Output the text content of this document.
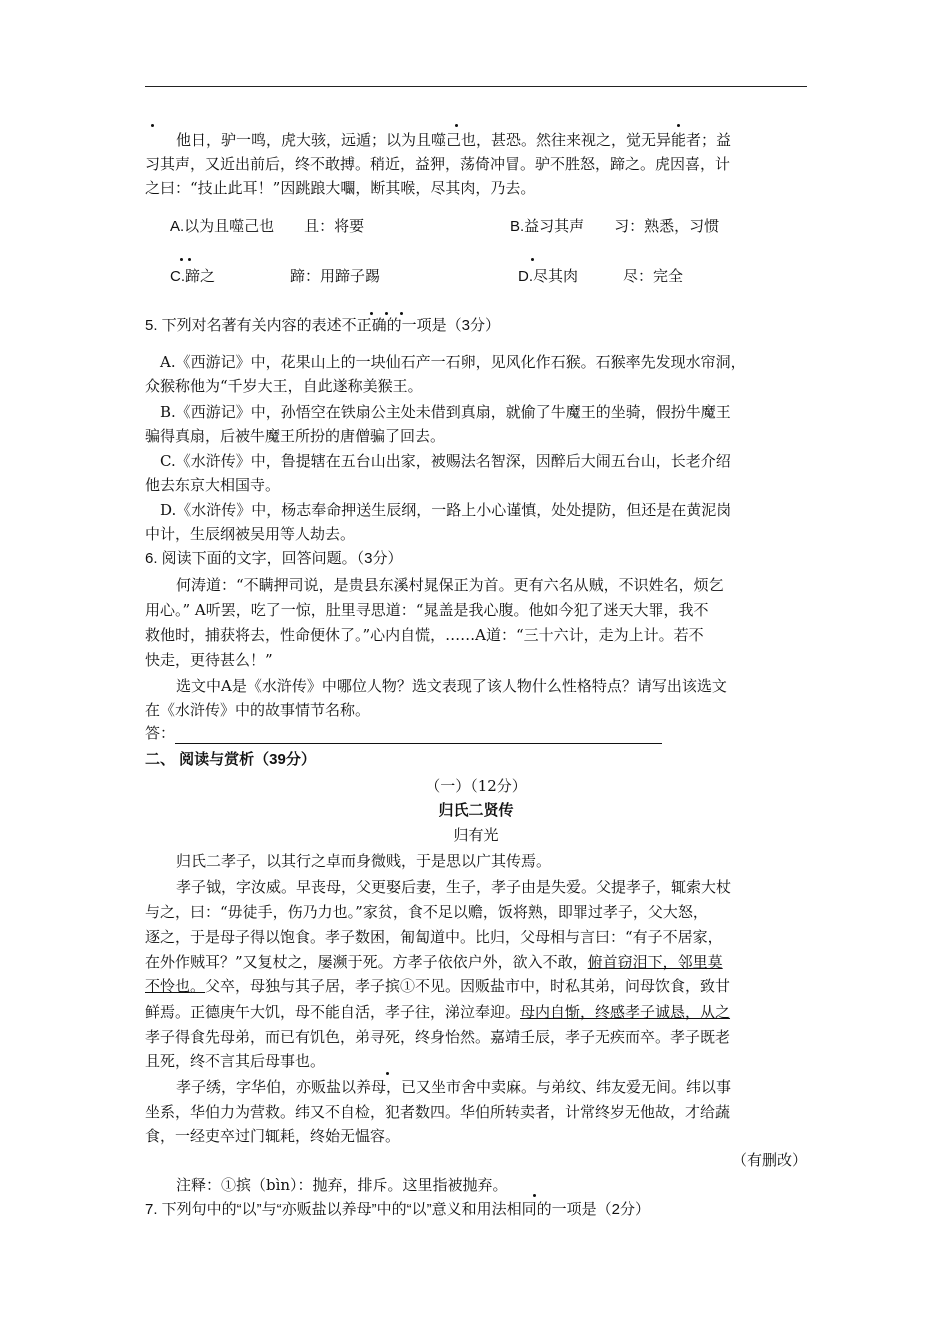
他日，驴一鸣，虎大骇，远遁；以为且噬己也，甚恐。然往来视之，觉无异能者；益
习其声，又近出前后，终不敢搏。稍近，益狎，荡倚冲冒。驴不胜怒，蹄之。虎因喜，计
之曰：“技止此耳！”因跳踉大㘚，断其喉，尽其肉，乃去。
A.以为且噬己也　　且：将要	B.益习其声　　习：熟悉，习惯
C.蹄之　　　　　蹄：用蹄子踢	D.尽其肉　　　尽：完全
5. 下列对名著有关内容的表述不正确的一项是（3分）
A.《西游记》中，花果山上的一块仙石产一石卵，见风化作石猴。石猴率先发现水帘洞，
众猴称他为“千岁大王，自此遂称美猴王。
B.《西游记》中，孙悟空在铁扇公主处未借到真扇，就偷了牛魔王的坐骑，假扮牛魔王
骗得真扇，后被牛魔王所扮的唐僧骗了回去。
C.《水浒传》中，鲁提辖在五台山出家，被赐法名智深，因醉后大闹五台山，长老介绍
他去东京大相国寺。
D.《水浒传》中，杨志奉命押送生辰纲，一路上小心谨慎，处处提防，但还是在黄泥岗
中计，生辰纲被吴用等人劫去。
6. 阅读下面的文字，回答问题。（3分）
何涛道：“不瞒押司说，是贵县东溪村晁保正为首。更有六名从贼，不识姓名，烦乞
用心。” A听罢，吃了一惊，肚里寻思道：“晁盖是我心腹。他如今犯了迷天大罪，我不
救他时，捕获将去，性命便休了。”心内自慌，……A道：“三十六计，走为上计。若不
快走，更待甚么！”
选文中A是《水浒传》中哪位人物？选文表现了该人物什么性格特点？请写出该选文
在《水浒传》中的故事情节名称。
答：
二、 阅读与赏析（39分）
（一）（12分）
归氏二贤传
归有光
归氏二孝子，以其行之卓而身微贱，于是思以广其传焉。
孝子钺，字汝威。早丧母，父更娶后妻，生子，孝子由是失爱。父提孝子，辄索大杖
与之，曰：“毋徒手，伤乃力也。”家贫，食不足以赡，饭将熟，即罪过孝子，父大怒，
逐之，于是母子得以饱食。孝子数困，匍匐道中。比归，父母相与言曰：“有子不居家，
在外作贼耳？”又复杖之，屡濒于死。方孝子依依户外，欲入不敢，俯首窃泪下，邻里莫
不怜也。父卒，母独与其子居，孝子摈①不见。因贩盐市中，时私其弟，问母饮食，致甘
鲜焉。正德庚午大饥，母不能自活，孝子往，涕泣奉迎。母内自惭，终感孝子诚恳，从之
孝子得食先母弟，而已有饥色，弟寻死，终身怡然。嘉靖壬辰，孝子无疾而卒。孝子既老
且死，终不言其后母事也。
孝子绣，字华伯，亦贩盐以养母，已又坐市舍中卖麻。与弟纹、纬友爱无间。纬以事
坐系，华伯力为营救。纬又不自检，犯者数四。华伯所转卖者，计常终岁无他故，才给蔬
食，一经吏卒过门辄耗，终始无愠容。
（有删改）
注释：①摈（bìn）：抛弃，排斥。这里指被抛弃。
7. 下列句中的“以”与“亦贩盐以养母”中的“以”意义和用法相同的一项是（2分）
